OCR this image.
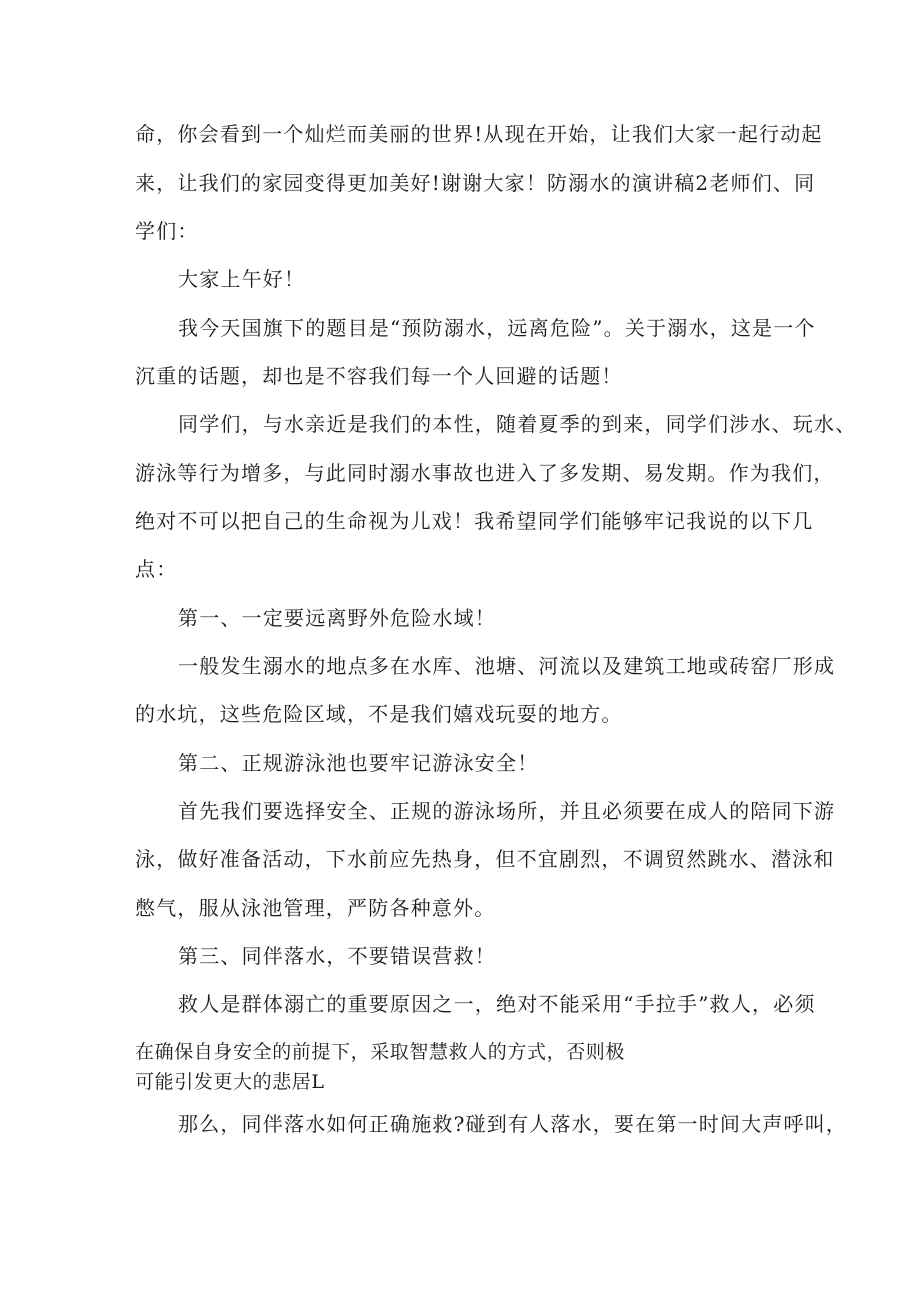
命，你会看到一个灿烂而美丽的世界!从现在开始，让我们大家一起行动起
来，让我们的家园变得更加美好!谢谢大家！防溺水的演讲稿2老师们、同
学们：
大家上午好！
我今天国旗下的题目是“预防溺水，远离危险”。关于溺水，这是一个
沉重的话题，却也是不容我们每一个人回避的话题！
同学们，与水亲近是我们的本性，随着夏季的到来，同学们涉水、玩水、
游泳等行为增多，与此同时溺水事故也进入了多发期、易发期。作为我们，
绝对不可以把自己的生命视为儿戏！我希望同学们能够牢记我说的以下几
点：
第一、一定要远离野外危险水域！
一般发生溺水的地点多在水库、池塘、河流以及建筑工地或砖窑厂形成
的水坑，这些危险区域，不是我们嬉戏玩耍的地方。
第二、正规游泳池也要牢记游泳安全！
首先我们要选择安全、正规的游泳场所，并且必须要在成人的陪同下游
泳，做好准备活动，下水前应先热身，但不宜剧烈，不调贸然跳水、潜泳和
憋气，服从泳池管理，严防各种意外。
第三、同伴落水，不要错误营救！
救人是群体溺亡的重要原因之一，绝对不能采用“手拉手”救人，必须
在确保自身安全的前提下，采取智慧救人的方式，否则极
可能引发更大的悲居L
那么，同伴落水如何正确施救?碰到有人落水，要在第一时间大声呼叫，
